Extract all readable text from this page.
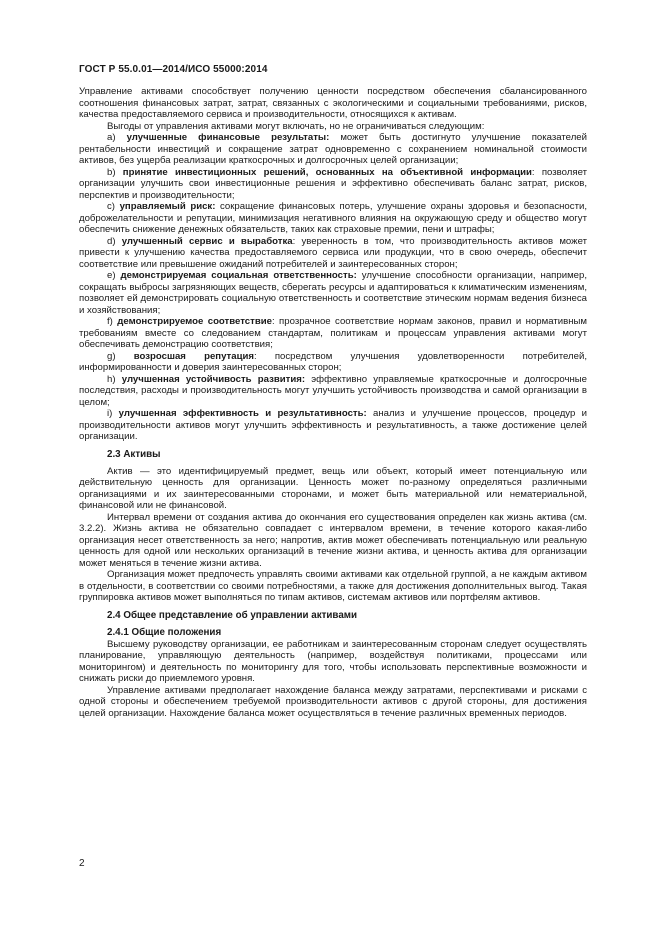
ГОСТ Р 55.0.01—2014/ИСО 55000:2014

Управление активами способствует получению ценности посредством обеспечения сбалансированного соотношения финансовых затрат, затрат, связанных с экологическими и социальными требованиями, рисков, качества предоставляемого сервиса и производительности, относящихся к активам.

Выгоды от управления активами могут включать, но не ограничиваться следующим:

a) улучшенные финансовые результаты: может быть достигнуто улучшение показателей рентабельности инвестиций и сокращение затрат одновременно с сохранением номинальной стоимости активов, без ущерба реализации краткосрочных и долгосрочных целей организации;

b) принятие инвестиционных решений, основанных на объективной информации: позволяет организации улучшить свои инвестиционные решения и эффективно обеспечивать баланс затрат, рисков, перспектив и производительности;

c) управляемый риск: сокращение финансовых потерь, улучшение охраны здоровья и безопасности, доброжелательности и репутации, минимизация негативного влияния на окружающую среду и общество могут обеспечить снижение денежных обязательств, таких как страховые премии, пени и штрафы;

d) улучшенный сервис и выработка: уверенность в том, что производительность активов может привести к улучшению качества предоставляемого сервиса или продукции, что в свою очередь, обеспечит соответствие или превышение ожиданий потребителей и заинтересованных сторон;

e) демонстрируемая социальная ответственность: улучшение способности организации, например, сокращать выбросы загрязняющих веществ, сберегать ресурсы и адаптироваться к климатическим изменениям, позволяет ей демонстрировать социальную ответственность и соответствие этическим нормам ведения бизнеса и хозяйствования;

f) демонстрируемое соответствие: прозрачное соответствие нормам законов, правил и нормативным требованиям вместе со следованием стандартам, политикам и процессам управления активами могут обеспечивать демонстрацию соответствия;

g) возросшая репутация: посредством улучшения удовлетворенности потребителей, информированности и доверия заинтересованных сторон;

h) улучшенная устойчивость развития: эффективно управляемые краткосрочные и долгосрочные последствия, расходы и производительность могут улучшить устойчивость производства и самой организации в целом;

i) улучшенная эффективность и результативность: анализ и улучшение процессов, процедур и производительности активов могут улучшить эффективность и результативность, а также достижение целей организации.

2.3 Активы

Актив — это идентифицируемый предмет, вещь или объект, который имеет потенциальную или действительную ценность для организации. Ценность может по-разному определяться различными организациями и их заинтересованными сторонами, и может быть материальной или нематериальной, финансовой или не финансовой.

Интервал времени от создания актива до окончания его существования определен как жизнь актива (см. 3.2.2). Жизнь актива не обязательно совпадает с интервалом времени, в течение которого какая-либо организация несет ответственность за него; напротив, актив может обеспечивать потенциальную или реальную ценность для одной или нескольких организаций в течение жизни актива, и ценность актива для организации может меняться в течение жизни актива.

Организация может предпочесть управлять своими активами как отдельной группой, а не каждым активом в отдельности, в соответствии со своими потребностями, а также для достижения дополнительных выгод. Такая группировка активов может выполняться по типам активов, системам активов или портфелям активов.

2.4 Общее представление об управлении активами
2.4.1 Общие положения

Высшему руководству организации, ее работникам и заинтересованным сторонам следует осуществлять планирование, управляющую деятельность (например, воздействуя политиками, процессами или мониторингом) и деятельность по мониторингу для того, чтобы использовать перспективные возможности и снижать риски до приемлемого уровня.

Управление активами предполагает нахождение баланса между затратами, перспективами и рисками с одной стороны и обеспечением требуемой производительности активов с другой стороны, для достижения целей организации. Нахождение баланса может осуществляться в течение различных временных периодов.

2
